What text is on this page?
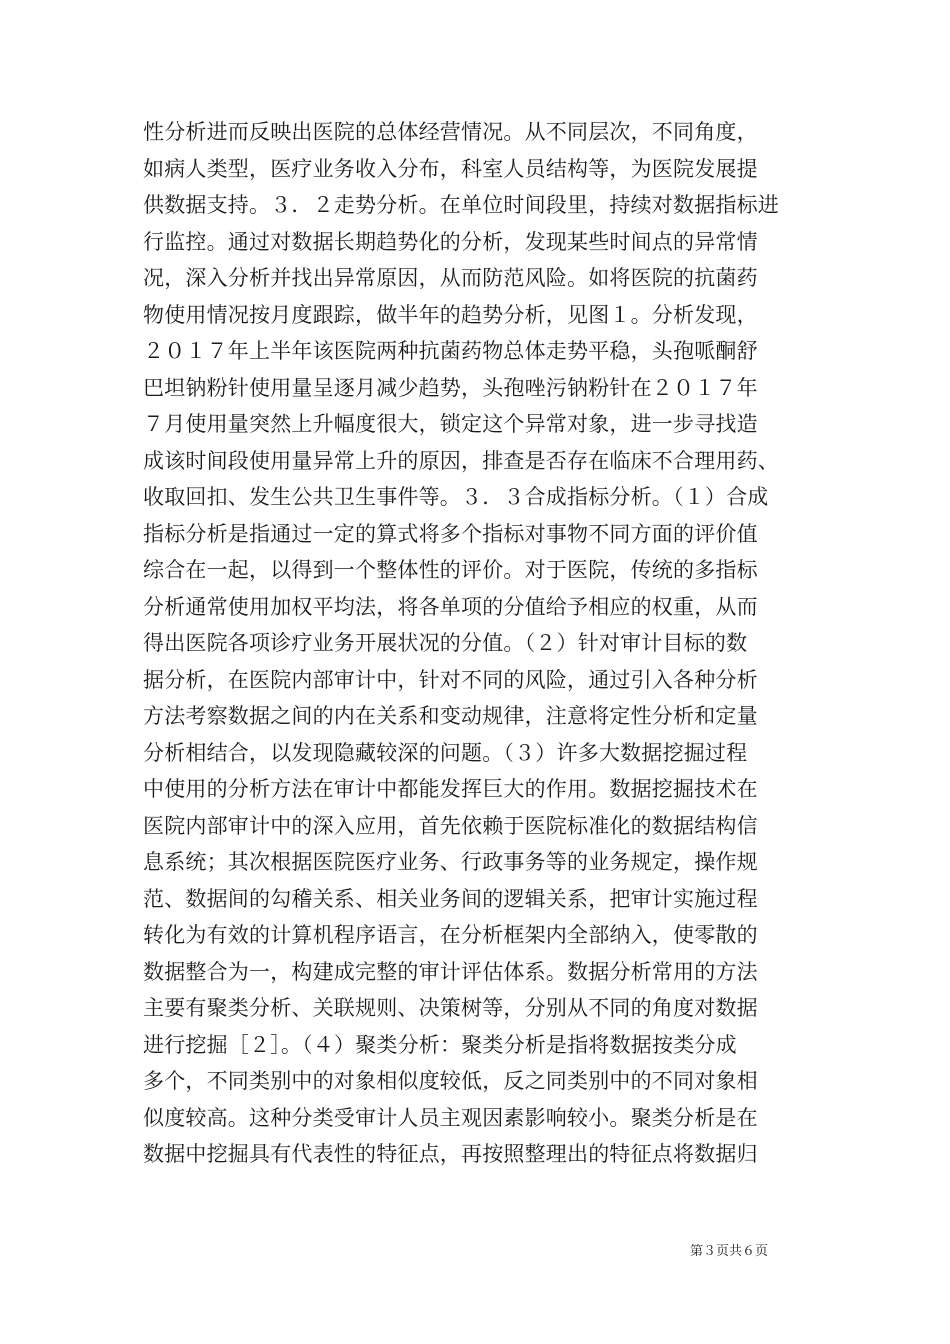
性分析进而反映出医院的总体经营情况。从不同层次，不同角度，
如病人类型，医疗业务收入分布，科室人员结构等，为医院发展提
供数据支持。３．２走势分析。在单位时间段里，持续对数据指标进
行监控。通过对数据长期趋势化的分析，发现某些时间点的异常情
况，深入分析并找出异常原因，从而防范风险。如将医院的抗菌药
物使用情况按月度跟踪，做半年的趋势分析，见图１。分析发现，
２０１７年上半年该医院两种抗菌药物总体走势平稳，头孢哌酮舒
巴坦钠粉针使用量呈逐月减少趋势，头孢唑污钠粉针在２０１７年
７月使用量突然上升幅度很大，锁定这个异常对象，进一步寻找造
成该时间段使用量异常上升的原因，排查是否存在临床不合理用药、
收取回扣、发生公共卫生事件等。３．３合成指标分析。（１）合成
指标分析是指通过一定的算式将多个指标对事物不同方面的评价值
综合在一起，以得到一个整体性的评价。对于医院，传统的多指标
分析通常使用加权平均法，将各单项的分值给予相应的权重，从而
得出医院各项诊疗业务开展状况的分值。（２）针对审计目标的数
据分析，在医院内部审计中，针对不同的风险，通过引入各种分析
方法考察数据之间的内在关系和变动规律，注意将定性分析和定量
分析相结合，以发现隐藏较深的问题。（３）许多大数据挖掘过程
中使用的分析方法在审计中都能发挥巨大的作用。数据挖掘技术在
医院内部审计中的深入应用，首先依赖于医院标准化的数据结构信
息系统；其次根据医院医疗业务、行政事务等的业务规定，操作规
范、数据间的勾稽关系、相关业务间的逻辑关系，把审计实施过程
转化为有效的计算机程序语言，在分析框架内全部纳入，使零散的
数据整合为一，构建成完整的审计评估体系。数据分析常用的方法
主要有聚类分析、关联规则、决策树等，分别从不同的角度对数据
进行挖掘［２］。（４）聚类分析：聚类分析是指将数据按类分成
多个，不同类别中的对象相似度较低，反之同类别中的不同对象相
似度较高。这种分类受审计人员主观因素影响较小。聚类分析是在
数据中挖掘具有代表性的特征点，再按照整理出的特征点将数据归
第３页共６页
